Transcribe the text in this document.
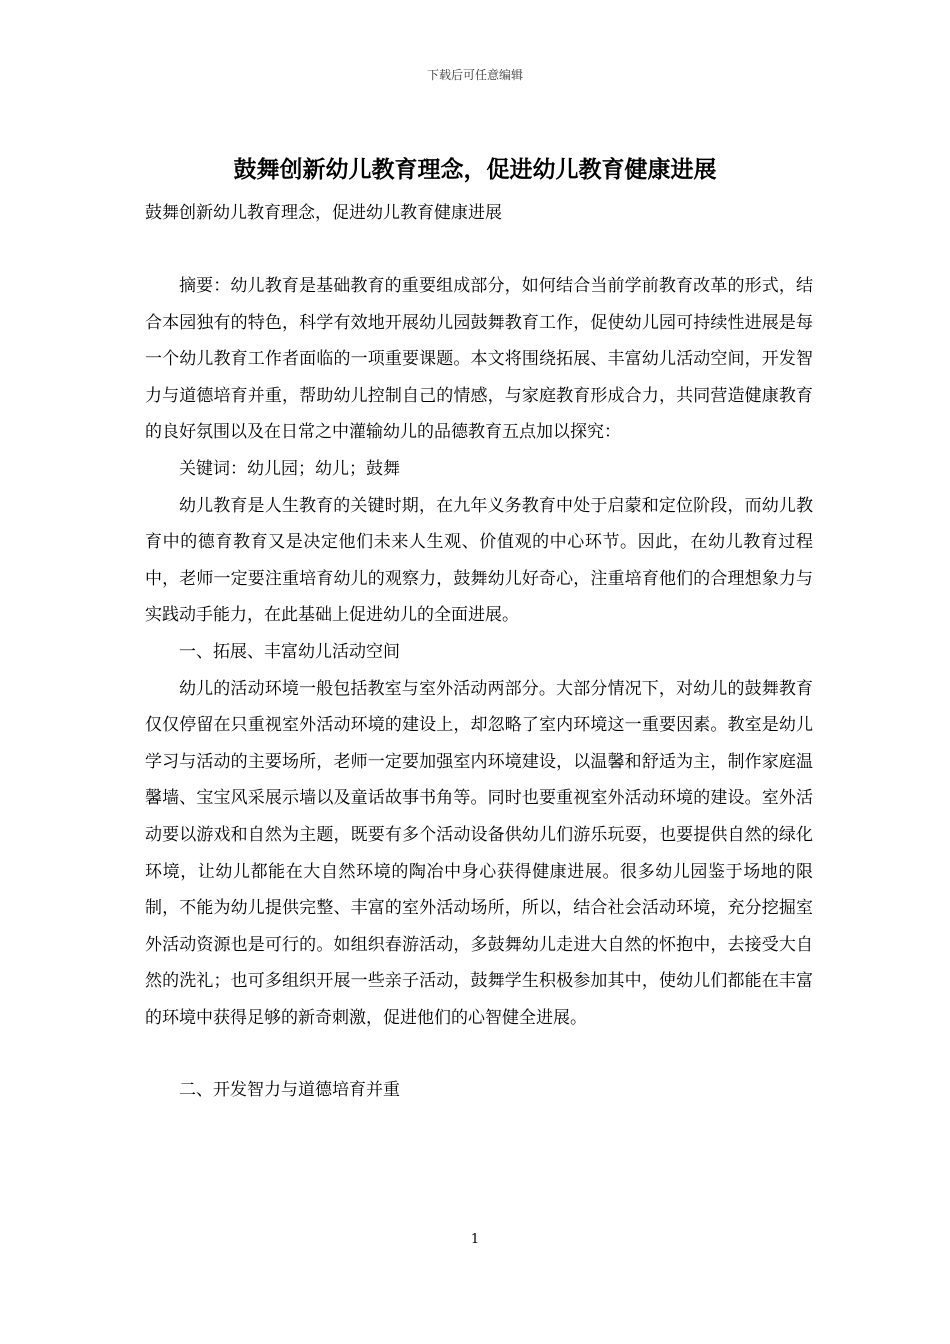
下载后可任意编辑
鼓舞创新幼儿教育理念，促进幼儿教育健康进展

鼓舞创新幼儿教育理念，促进幼儿教育健康进展

摘要：幼儿教育是基础教育的重要组成部分，如何结合当前学前教育改革的形式，结合本园独有的特色，科学有效地开展幼儿园鼓舞教育工作，促使幼儿园可持续性进展是每一个幼儿教育工作者面临的一项重要课题。本文将围绕拓展、丰富幼儿活动空间，开发智力与道德培育并重，帮助幼儿控制自己的情感，与家庭教育形成合力，共同营造健康教育的良好氛围以及在日常之中灌输幼儿的品德教育五点加以探究：

关键词：幼儿园；幼儿；鼓舞

幼儿教育是人生教育的关键时期，在九年义务教育中处于启蒙和定位阶段，而幼儿教育中的德育教育又是决定他们未来人生观、价值观的中心环节。因此，在幼儿教育过程中，老师一定要注重培育幼儿的观察力，鼓舞幼儿好奇心，注重培育他们的合理想象力与实践动手能力，在此基础上促进幼儿的全面进展。

一、拓展、丰富幼儿活动空间

幼儿的活动环境一般包括教室与室外活动两部分。大部分情况下，对幼儿的鼓舞教育仅仅停留在只重视室外活动环境的建设上，却忽略了室内环境这一重要因素。教室是幼儿学习与活动的主要场所，老师一定要加强室内环境建设，以温馨和舒适为主，制作家庭温馨墙、宝宝风采展示墙以及童话故事书角等。同时也要重视室外活动环境的建设。室外活动要以游戏和自然为主题，既要有多个活动设备供幼儿们游乐玩耍，也要提供自然的绿化环境，让幼儿都能在大自然环境的陶冶中身心获得健康进展。很多幼儿园鉴于场地的限制，不能为幼儿提供完整、丰富的室外活动场所，所以，结合社会活动环境，充分挖掘室外活动资源也是可行的。如组织春游活动，多鼓舞幼儿走进大自然的怀抱中，去接受大自然的洗礼；也可多组织开展一些亲子活动，鼓舞学生积极参加其中，使幼儿们都能在丰富的环境中获得足够的新奇刺激，促进他们的心智健全进展。

二、开发智力与道德培育并重

1
